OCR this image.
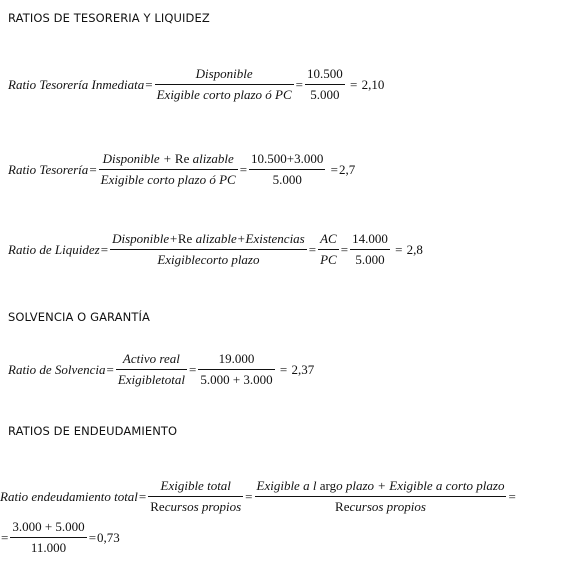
RATIOS DE TESORERIA Y LIQUIDEZ
Ratio Tesorería Inmediata = $\frac{\text{Disponible}}{\text{Exigible corto plazo ó PC}} = \frac{10.500}{5.000} = 2,10$
Ratio Tesorería = $\frac{\text{Disponible + Re alizable}}{\text{Exigible corto plazo ó PC}} = \frac{10.500+3.000}{5.000} = 2,7$
Ratio de Liquidez = $\frac{\text{Disponible+Re alizable+Existencias}}{\text{Exigiblecorto plazo}} = \frac{AC}{PC} = \frac{14.000}{5.000} = 2,8$
SOLVENCIA O GARANTÍA
Ratio de Solvencia = $\frac{\text{Activo real}}{\text{Exigibletotal}} = \frac{19.000}{5.000 + 3.000} = 2,37$
RATIOS DE ENDEUDAMIENTO
Ratio endeudamiento total = $\frac{\text{Exigible total}}{\text{Recursos propios}} = \frac{\text{Exigible a l argo plazo + Exigible a corto plazo}}{\text{Recursos propios}}$ =
= $\frac{3.000 + 5.000}{11.000} = 0,73$
